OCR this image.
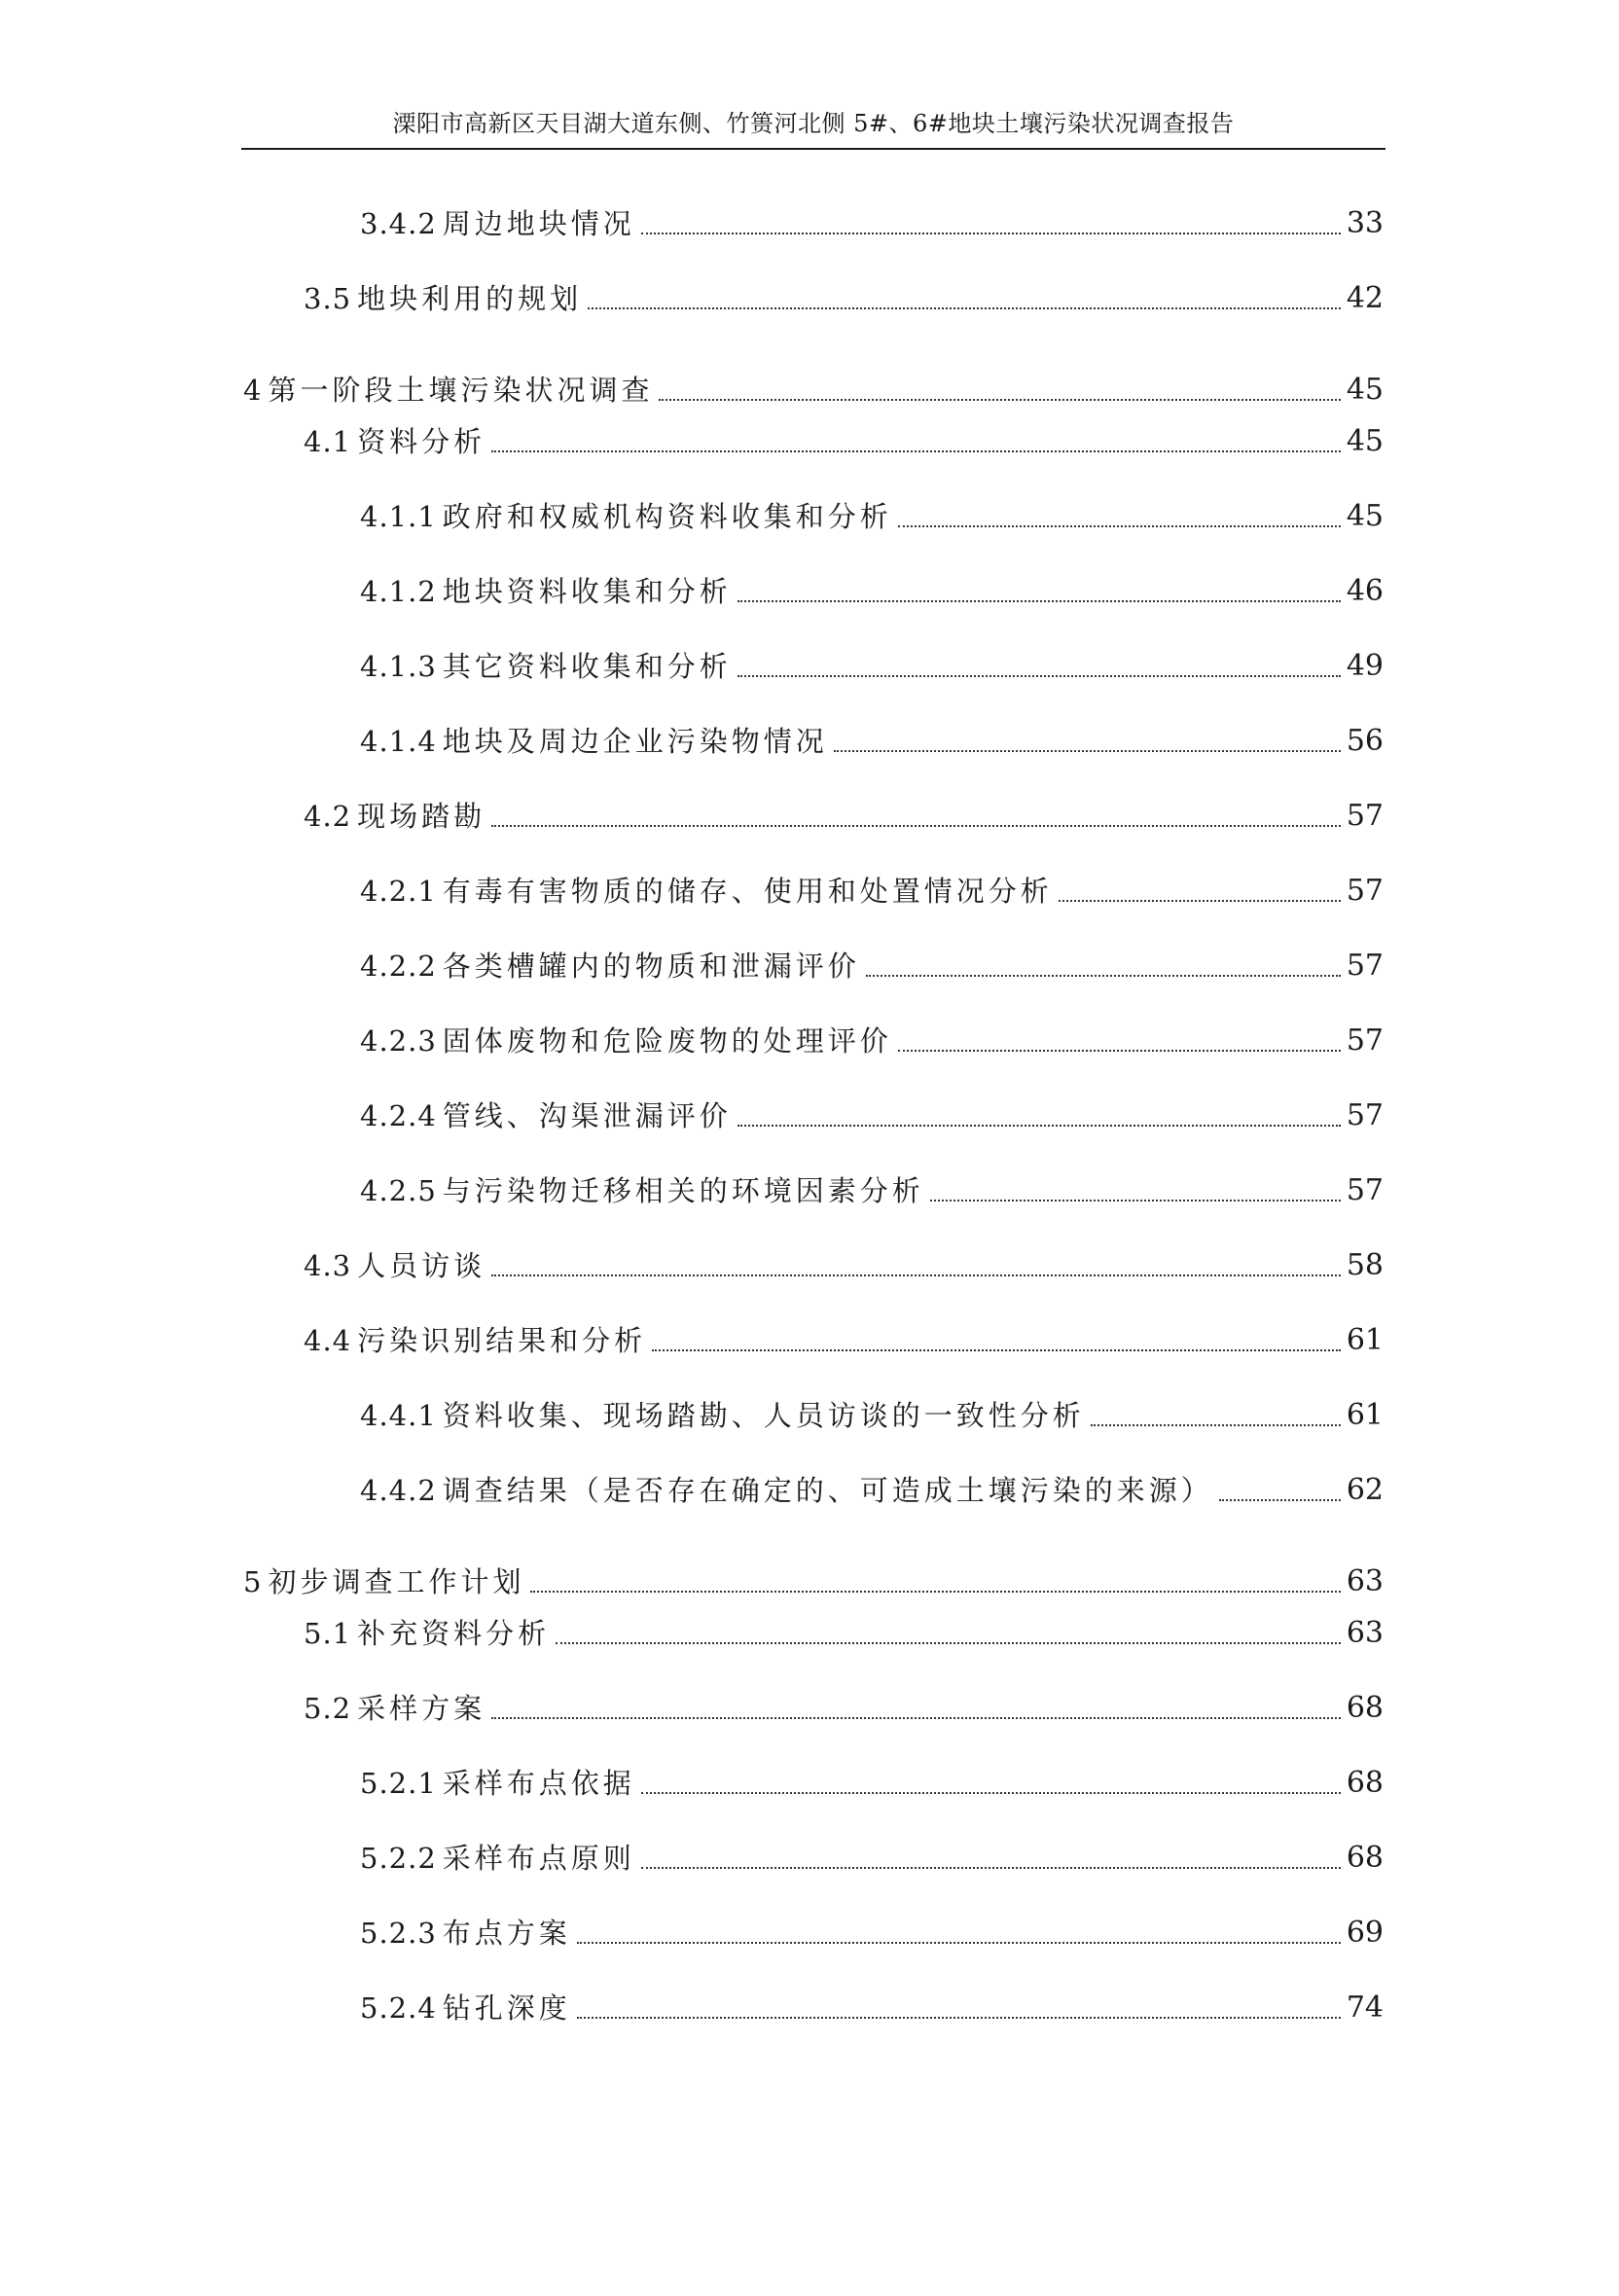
溧阳市高新区天目湖大道东侧、竹篑河北侧 5#、6#地块土壤污染状况调查报告
3.4.2 周边地块情况	33
3.5 地块利用的规划	42
4 第一阶段土壤污染状况调查	45
4.1 资料分析	45
4.1.1 政府和权威机构资料收集和分析	45
4.1.2 地块资料收集和分析	46
4.1.3 其它资料收集和分析	49
4.1.4 地块及周边企业污染物情况	56
4.2 现场踏勘	57
4.2.1 有毒有害物质的储存、使用和处置情况分析	57
4.2.2 各类槽罐内的物质和泄漏评价	57
4.2.3 固体废物和危险废物的处理评价	57
4.2.4 管线、沟渠泄漏评价	57
4.2.5 与污染物迁移相关的环境因素分析	57
4.3 人员访谈	58
4.4 污染识别结果和分析	61
4.4.1 资料收集、现场踏勘、人员访谈的一致性分析	61
4.4.2 调查结果（是否存在确定的、可造成土壤污染的来源）	62
5 初步调查工作计划	63
5.1 补充资料分析	63
5.2 采样方案	68
5.2.1 采样布点依据	68
5.2.2 采样布点原则	68
5.2.3 布点方案	69
5.2.4 钻孔深度	74
